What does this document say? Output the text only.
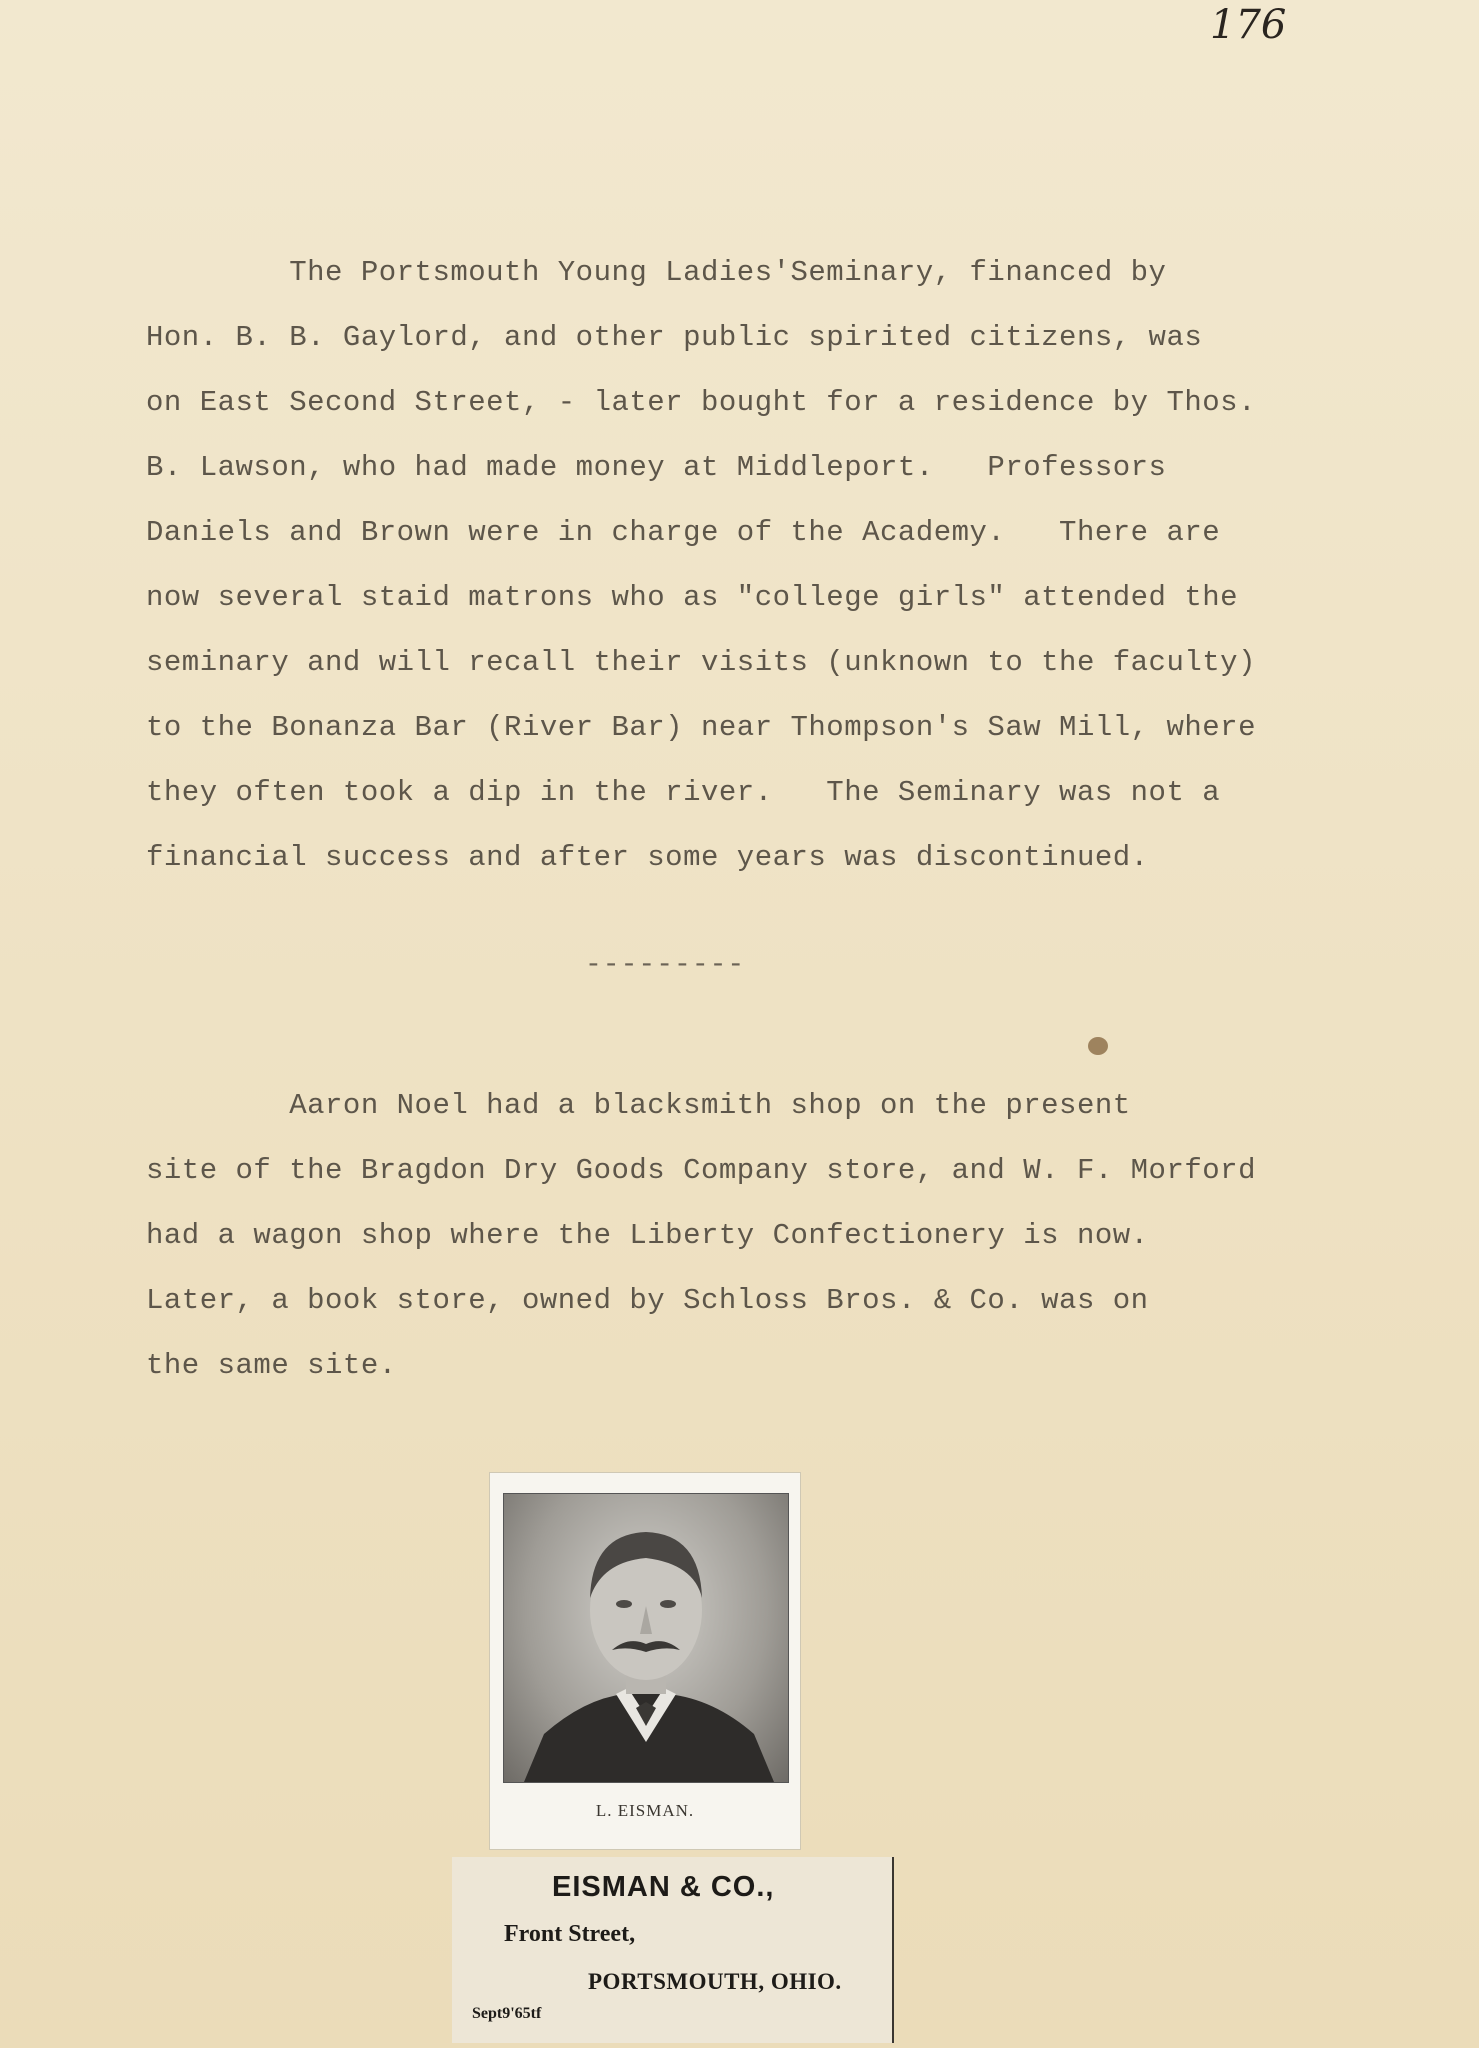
176
The Portsmouth Young Ladies'Seminary, financed by
Hon. B. B. Gaylord, and other public spirited citizens, was
on East Second Street, - later bought for a residence by Thos.
B. Lawson, who had made money at Middleport.   Professors
Daniels and Brown were in charge of the Academy.   There are
now several staid matrons who as "college girls" attended the
seminary and will recall their visits (unknown to the faculty)
to the Bonanza Bar (River Bar) near Thompson's Saw Mill, where
they often took a dip in the river.   The Seminary was not a
financial success and after some years was discontinued.
---------
Aaron Noel had a blacksmith shop on the present
site of the Bragdon Dry Goods Company store, and W. F. Morford
had a wagon shop where the Liberty Confectionery is now.
Later, a book store, owned by Schloss Bros. & Co. was on
the same site.
L. EISMAN.
EISMAN & CO.,
Front Street,
PORTSMOUTH, OHIO.
Sept9'65tf
